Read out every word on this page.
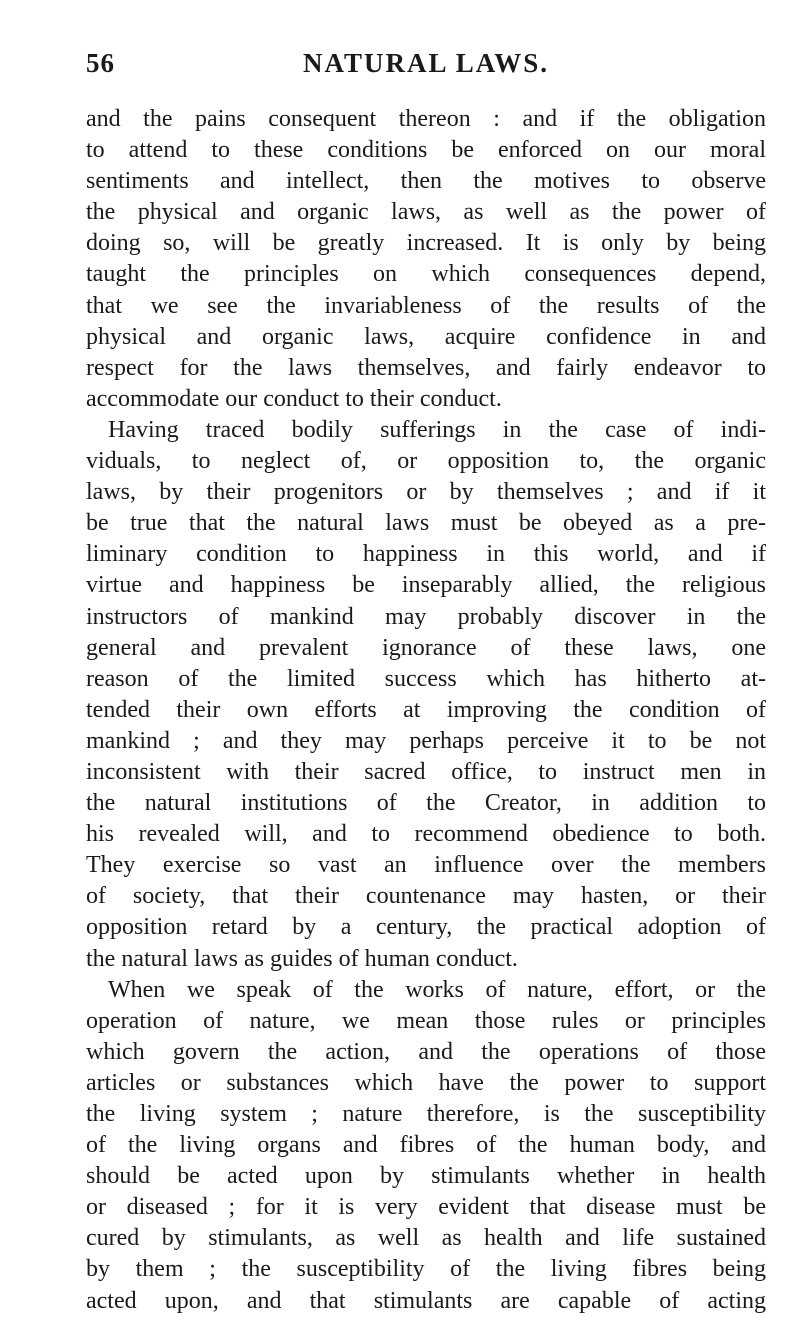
56	NATURAL LAWS.
and the pains consequent thereon : and if the obligation
to attend to these conditions be enforced on our moral
sentiments and intellect, then the motives to observe
the physical and organic laws, as well as the power of
doing so, will be greatly increased. It is only by being
taught the principles on which consequences depend,
that we see the invariableness of the results of the
physical and organic laws, acquire confidence in and
respect for the laws themselves, and fairly endeavor to
accommodate our conduct to their conduct.
Having traced bodily sufferings in the case of indi-
viduals, to neglect of, or opposition to, the organic
laws, by their progenitors or by themselves ; and if it
be true that the natural laws must be obeyed as a pre-
liminary condition to happiness in this world, and if
virtue and happiness be inseparably allied, the religious
instructors of mankind may probably discover in the
general and prevalent ignorance of these laws, one
reason of the limited success which has hitherto at-
tended their own efforts at improving the condition of
mankind ; and they may perhaps perceive it to be not
inconsistent with their sacred office, to instruct men in
the natural institutions of the Creator, in addition to
his revealed will, and to recommend obedience to both.
They exercise so vast an influence over the members
of society, that their countenance may hasten, or their
opposition retard by a century, the practical adoption of
the natural laws as guides of human conduct.
When we speak of the works of nature, effort, or the
operation of nature, we mean those rules or principles
which govern the action, and the operations of those
articles or substances which have the power to support
the living system ; nature therefore, is the susceptibility
of the living organs and fibres of the human body, and
should be acted upon by stimulants whether in health
or diseased ; for it is very evident that disease must be
cured by stimulants, as well as health and life sustained
by them ; the susceptibility of the living fibres being
acted upon, and that stimulants are capable of acting
